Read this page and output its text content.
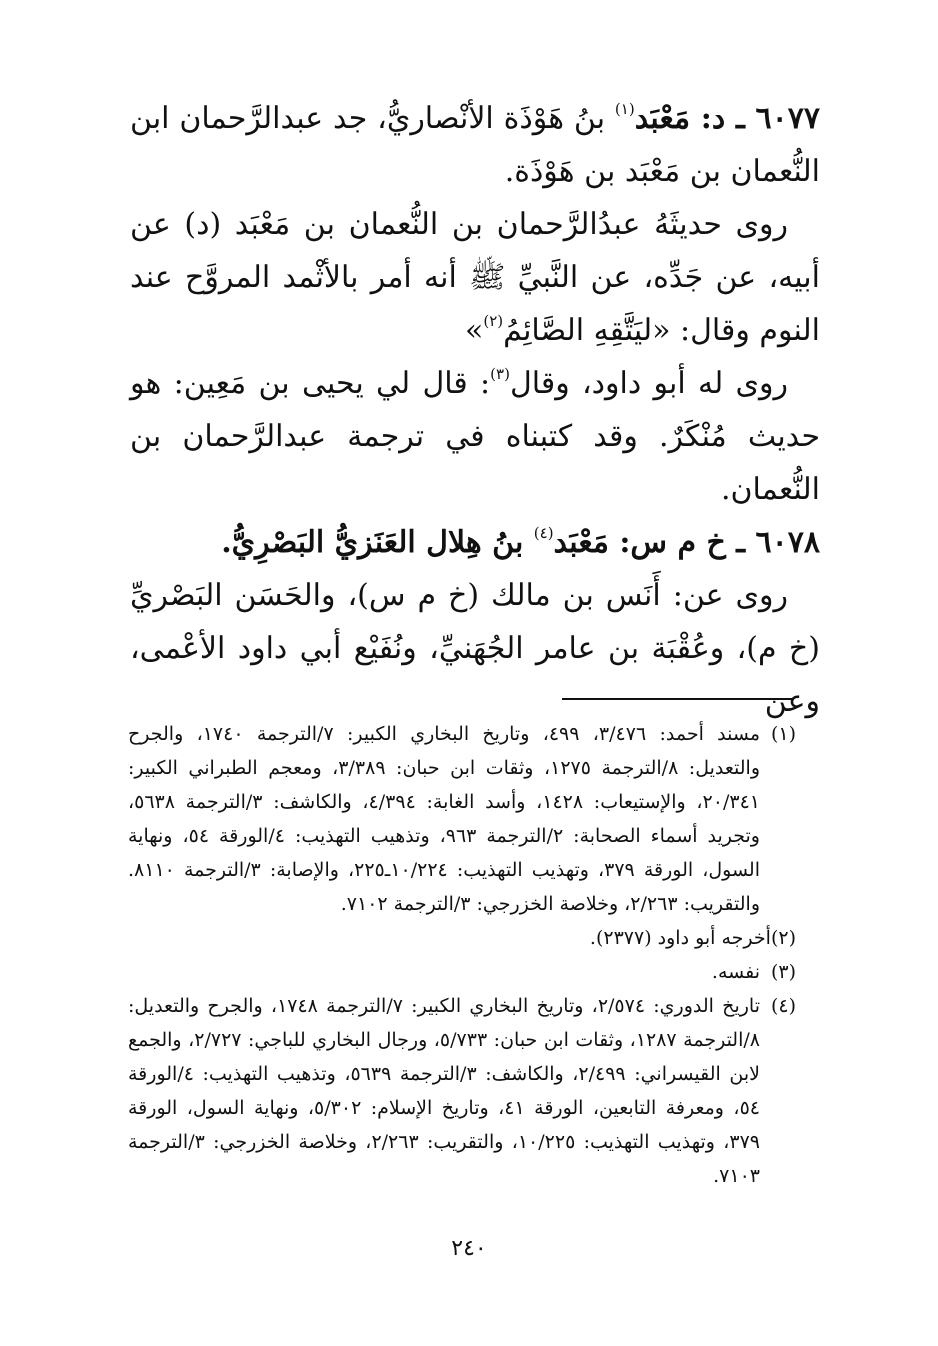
٦٠٧٧ ـ د: مَعْبَد$^{(١)}$ بنُ هَوْذَة الأنْصاريُّ، جد عبدالرَّحمان ابن النُّعمان بن مَعْبَد بن هَوْذَة.

روى حديثَهُ عبدُالرَّحمان بن النُّعمان بن مَعْبَد (د) عن أبيه، عن جَدِّه، عن النَّبيِّ ﷺ أنه أمر بالأثْمد المروَّح عند النوم وقال: «ليَتَّقِهِ الصَّائِمُ$^{(٢)}$»

روى له أبو داود، وقال$^{(٣)}$: قال لي يحيى بن مَعِين: هو حديث مُنْكَرٌ. وقد كتبناه في ترجمة عبدالرَّحمان بن النُّعمان.

٦٠٧٨ ـ خ م س: مَعْبَد$^{(٤)}$ بنُ هِلال العَنَزيُّ البَصْرِيُّ.

روى عن: أَنَس بن مالك (خ م س)، والحَسَن البَصْريِّ (خ م)، وعُقْبَة بن عامر الجُهَنيِّ، ونُفَيْع أبي داود الأعْمى، وعن

(١)
مسند أحمد: ٣/٤٧٦، ٤٩٩، وتاريخ البخاري الكبير: ٧/الترجمة ١٧٤٠، والجرح والتعديل: ٨/الترجمة ١٢٧٥، وثقات ابن حبان: ٣/٣٨٩، ومعجم الطبراني الكبير: ٢٠/٣٤١، والإستيعاب: ١٤٢٨، وأسد الغابة: ٤/٣٩٤، والكاشف: ٣/الترجمة ٥٦٣٨، وتجريد أسماء الصحابة: ٢/الترجمة ٩٦٣، وتذهيب التهذيب: ٤/الورقة ٥٤، ونهاية السول، الورقة ٣٧٩، وتهذيب التهذيب: ١٠/٢٢٤ـ٢٢٥، والإصابة: ٣/الترجمة ٨١١٠. والتقريب: ٢/٢٦٣، وخلاصة الخزرجي: ٣/الترجمة ٧١٠٢.
(٢)
أخرجه أبو داود (٢٣٧٧).
(٣)
نفسه.
(٤)
تاريخ الدوري: ٢/٥٧٤، وتاريخ البخاري الكبير: ٧/الترجمة ١٧٤٨، والجرح والتعديل: ٨/الترجمة ١٢٨٧، وثقات ابن حبان: ٥/٧٣٣، ورجال البخاري للباجي: ٢/٧٢٧، والجمع لابن القيسراني: ٢/٤٩٩، والكاشف: ٣/الترجمة ٥٦٣٩، وتذهيب التهذيب: ٤/الورقة ٥٤، ومعرفة التابعين، الورقة ٤١، وتاريخ الإسلام: ٥/٣٠٢، ونهاية السول، الورقة ٣٧٩، وتهذيب التهذيب: ١٠/٢٢٥، والتقريب: ٢/٢٦٣، وخلاصة الخزرجي: ٣/الترجمة ٧١٠٣.
٢٤٠
